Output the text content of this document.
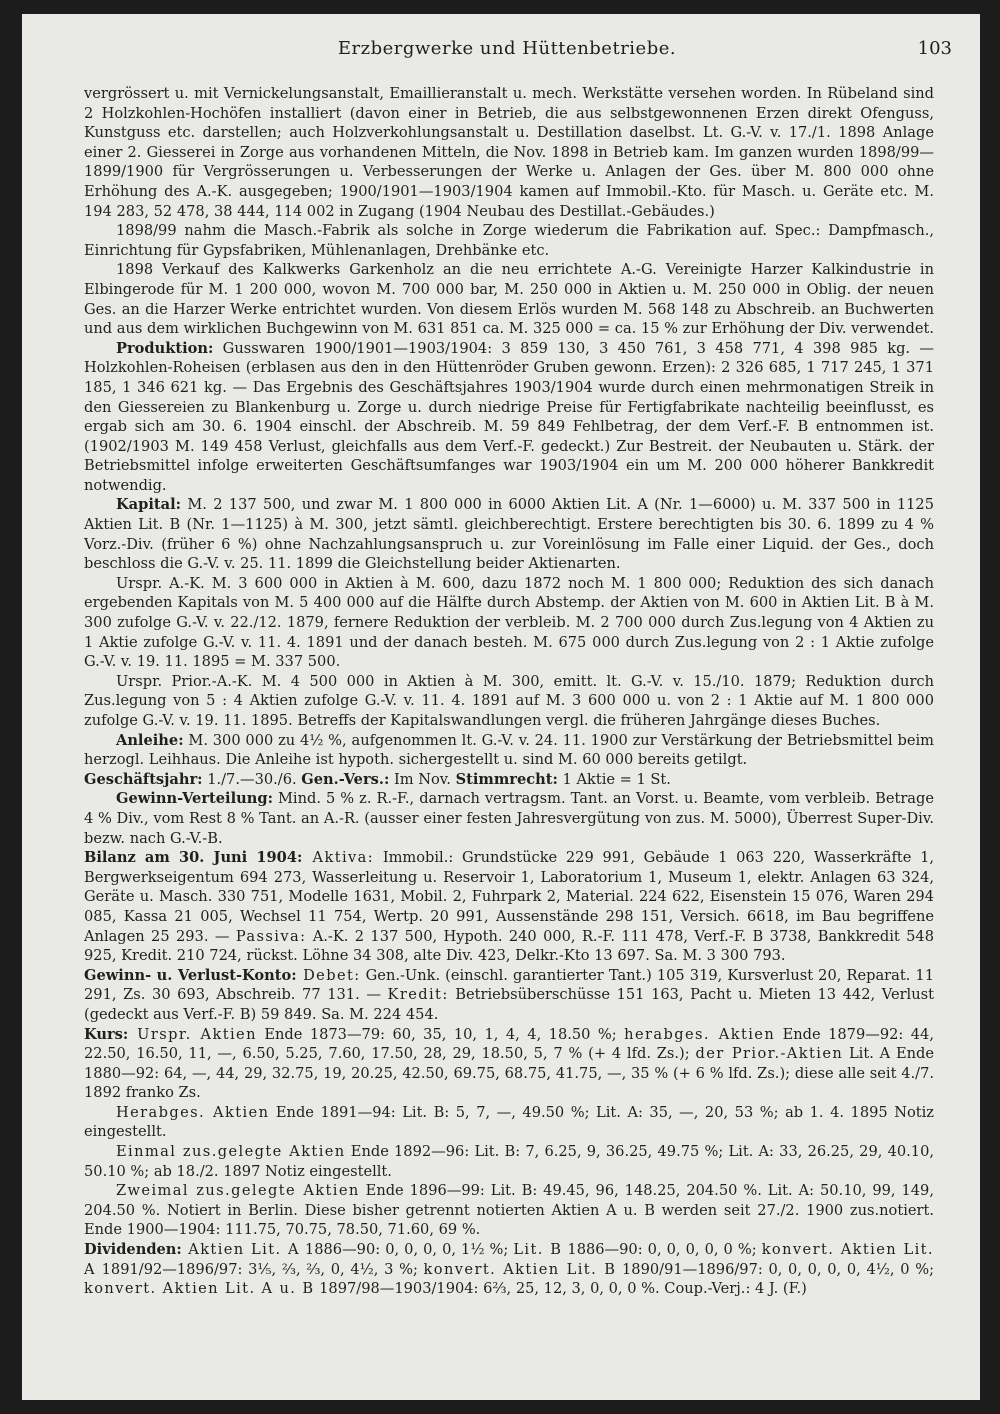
Erzbergwerke und Hüttenbetriebe.	103

vergrössert u. mit Vernickelungsanstalt, Emaillieranstalt u. mech. Werkstätte versehen worden. In Rübeland sind 2 Holzkohlen-Hochöfen installiert (davon einer in Betrieb, die aus selbstgewonnenen Erzen direkt Ofenguss, Kunstguss etc. darstellen; auch Holzverkohlungsanstalt u. Destillation daselbst. Lt. G.-V. v. 17./1. 1898 Anlage einer 2. Giesserei in Zorge aus vorhandenen Mitteln, die Nov. 1898 in Betrieb kam. Im ganzen wurden 1898/99—1899/1900 für Vergrösserungen u. Verbesserungen der Werke u. Anlagen der Ges. über M. 800 000 ohne Erhöhung des A.-K. ausgegeben; 1900/1901—1903/1904 kamen auf Immobil.-Kto. für Masch. u. Geräte etc. M. 194 283, 52 478, 38 444, 114 002 in Zugang (1904 Neubau des Destillat.-Gebäudes.)

1898/99 nahm die Masch.-Fabrik als solche in Zorge wiederum die Fabrikation auf. Spec.: Dampfmasch., Einrichtung für Gypsfabriken, Mühlenanlagen, Drehbänke etc.

1898 Verkauf des Kalkwerks Garkenholz an die neu errichtete A.-G. Vereinigte Harzer Kalkindustrie in Elbingerode für M. 1 200 000, wovon M. 700 000 bar, M. 250 000 in Aktien u. M. 250 000 in Oblig. der neuen Ges. an die Harzer Werke entrichtet wurden. Von diesem Erlös wurden M. 568 148 zu Abschreib. an Buchwerten und aus dem wirklichen Buchgewinn von M. 631 851 ca. M. 325 000 = ca. 15 % zur Erhöhung der Div. verwendet.

Produktion: Gusswaren 1900/1901—1903/1904: 3 859 130, 3 450 761, 3 458 771, 4 398 985 kg. — Holzkohlen-Roheisen (erblasen aus den in den Hüttenröder Gruben gewonn. Erzen): 2 326 685, 1 717 245, 1 371 185, 1 346 621 kg. — Das Ergebnis des Geschäftsjahres 1903/1904 wurde durch einen mehrmonatigen Streik in den Giessereien zu Blankenburg u. Zorge u. durch niedrige Preise für Fertigfabrikate nachteilig beeinflusst, es ergab sich am 30. 6. 1904 einschl. der Abschreib. M. 59 849 Fehlbetrag, der dem Verf.-F. B entnommen ist. (1902/1903 M. 149 458 Verlust, gleichfalls aus dem Verf.-F. gedeckt.) Zur Bestreit. der Neubauten u. Stärk. der Betriebsmittel infolge erweiterten Geschäftsumfanges war 1903/1904 ein um M. 200 000 höherer Bankkredit notwendig.

Kapital: M. 2 137 500, und zwar M. 1 800 000 in 6000 Aktien Lit. A (Nr. 1—6000) u. M. 337 500 in 1125 Aktien Lit. B (Nr. 1—1125) à M. 300, jetzt sämtl. gleichberechtigt. Erstere berechtigten bis 30. 6. 1899 zu 4 % Vorz.-Div. (früher 6 %) ohne Nachzahlungsanspruch u. zur Voreinlösung im Falle einer Liquid. der Ges., doch beschloss die G.-V. v. 25. 11. 1899 die Gleichstellung beider Aktienarten.

Urspr. A.-K. M. 3 600 000 in Aktien à M. 600, dazu 1872 noch M. 1 800 000; Reduktion des sich danach ergebenden Kapitals von M. 5 400 000 auf die Hälfte durch Abstemp. der Aktien von M. 600 in Aktien Lit. B à M. 300 zufolge G.-V. v. 22./12. 1879, fernere Reduktion der verbleib. M. 2 700 000 durch Zus.legung von 4 Aktien zu 1 Aktie zufolge G.-V. v. 11. 4. 1891 und der danach besteh. M. 675 000 durch Zus.legung von 2 : 1 Aktie zufolge G.-V. v. 19. 11. 1895 = M. 337 500.

Urspr. Prior.-A.-K. M. 4 500 000 in Aktien à M. 300, emitt. lt. G.-V. v. 15./10. 1879; Reduktion durch Zus.legung von 5 : 4 Aktien zufolge G.-V. v. 11. 4. 1891 auf M. 3 600 000 u. von 2 : 1 Aktie auf M. 1 800 000 zufolge G.-V. v. 19. 11. 1895. Betreffs der Kapitalswandlungen vergl. die früheren Jahrgänge dieses Buches.

Anleihe: M. 300 000 zu 4½ %, aufgenommen lt. G.-V. v. 24. 11. 1900 zur Verstärkung der Betriebsmittel beim herzogl. Leihhaus. Die Anleihe ist hypoth. sichergestellt u. sind M. 60 000 bereits getilgt.

Geschäftsjahr: 1./7.—30./6. Gen.-Vers.: Im Nov. Stimmrecht: 1 Aktie = 1 St.

Gewinn-Verteilung: Mind. 5 % z. R.-F., darnach vertragsm. Tant. an Vorst. u. Beamte, vom verbleib. Betrage 4 % Div., vom Rest 8 % Tant. an A.-R. (ausser einer festen Jahresvergütung von zus. M. 5000), Überrest Super-Div. bezw. nach G.-V.-B.

Bilanz am 30. Juni 1904: Aktiva: Immobil.: Grundstücke 229 991, Gebäude 1 063 220, Wasserkräfte 1, Bergwerkseigentum 694 273, Wasserleitung u. Reservoir 1, Laboratorium 1, Museum 1, elektr. Anlagen 63 324, Geräte u. Masch. 330 751, Modelle 1631, Mobil. 2, Fuhrpark 2, Material. 224 622, Eisenstein 15 076, Waren 294 085, Kassa 21 005, Wechsel 11 754, Wertp. 20 991, Aussenstände 298 151, Versich. 6618, im Bau begriffene Anlagen 25 293. — Passiva: A.-K. 2 137 500, Hypoth. 240 000, R.-F. 111 478, Verf.-F. B 3738, Bankkredit 548 925, Kredit. 210 724, rückst. Löhne 34 308, alte Div. 423, Delkr.-Kto 13 697. Sa. M. 3 300 793.

Gewinn- u. Verlust-Konto: Debet: Gen.-Unk. (einschl. garantierter Tant.) 105 319, Kursverlust 20, Reparat. 11 291, Zs. 30 693, Abschreib. 77 131. — Kredit: Betriebsüberschüsse 151 163, Pacht u. Mieten 13 442, Verlust (gedeckt aus Verf.-F. B) 59 849. Sa. M. 224 454.

Kurs: Urspr. Aktien Ende 1873—79: 60, 35, 10, 1, 4, 4, 18.50 %; herabges. Aktien Ende 1879—92: 44, 22.50, 16.50, 11, —, 6.50, 5.25, 7.60, 17.50, 28, 29, 18.50, 5, 7 % (+ 4 lfd. Zs.); der Prior.-Aktien Lit. A Ende 1880—92: 64, —, 44, 29, 32.75, 19, 20.25, 42.50, 69.75, 68.75, 41.75, —, 35 % (+ 6 % lfd. Zs.); diese alle seit 4./7. 1892 franko Zs.

Herabges. Aktien Ende 1891—94: Lit. B: 5, 7, —, 49.50 %; Lit. A: 35, —, 20, 53 %; ab 1. 4. 1895 Notiz eingestellt.

Einmal zus.gelegte Aktien Ende 1892—96: Lit. B: 7, 6.25, 9, 36.25, 49.75 %; Lit. A: 33, 26.25, 29, 40.10, 50.10 %; ab 18./2. 1897 Notiz eingestellt.

Zweimal zus.gelegte Aktien Ende 1896—99: Lit. B: 49.45, 96, 148.25, 204.50 %. Lit. A: 50.10, 99, 149, 204.50 %. Notiert in Berlin. Diese bisher getrennt notierten Aktien A u. B werden seit 27./2. 1900 zus.notiert. Ende 1900—1904: 111.75, 70.75, 78.50, 71.60, 69 %.

Dividenden: Aktien Lit. A 1886—90: 0, 0, 0, 0, 1½ %; Lit. B 1886—90: 0, 0, 0, 0, 0 %; konvert. Aktien Lit. A 1891/92—1896/97: 3⅕, ²⁄₃, ²⁄₃, 0, 4½, 3 %; konvert. Aktien Lit. B 1890/91—1896/97: 0, 0, 0, 0, 0, 4½, 0 %; konvert. Aktien Lit. A u. B 1897/98—1903/1904: 6⅔, 25, 12, 3, 0, 0, 0 %. Coup.-Verj.: 4 J. (F.)
